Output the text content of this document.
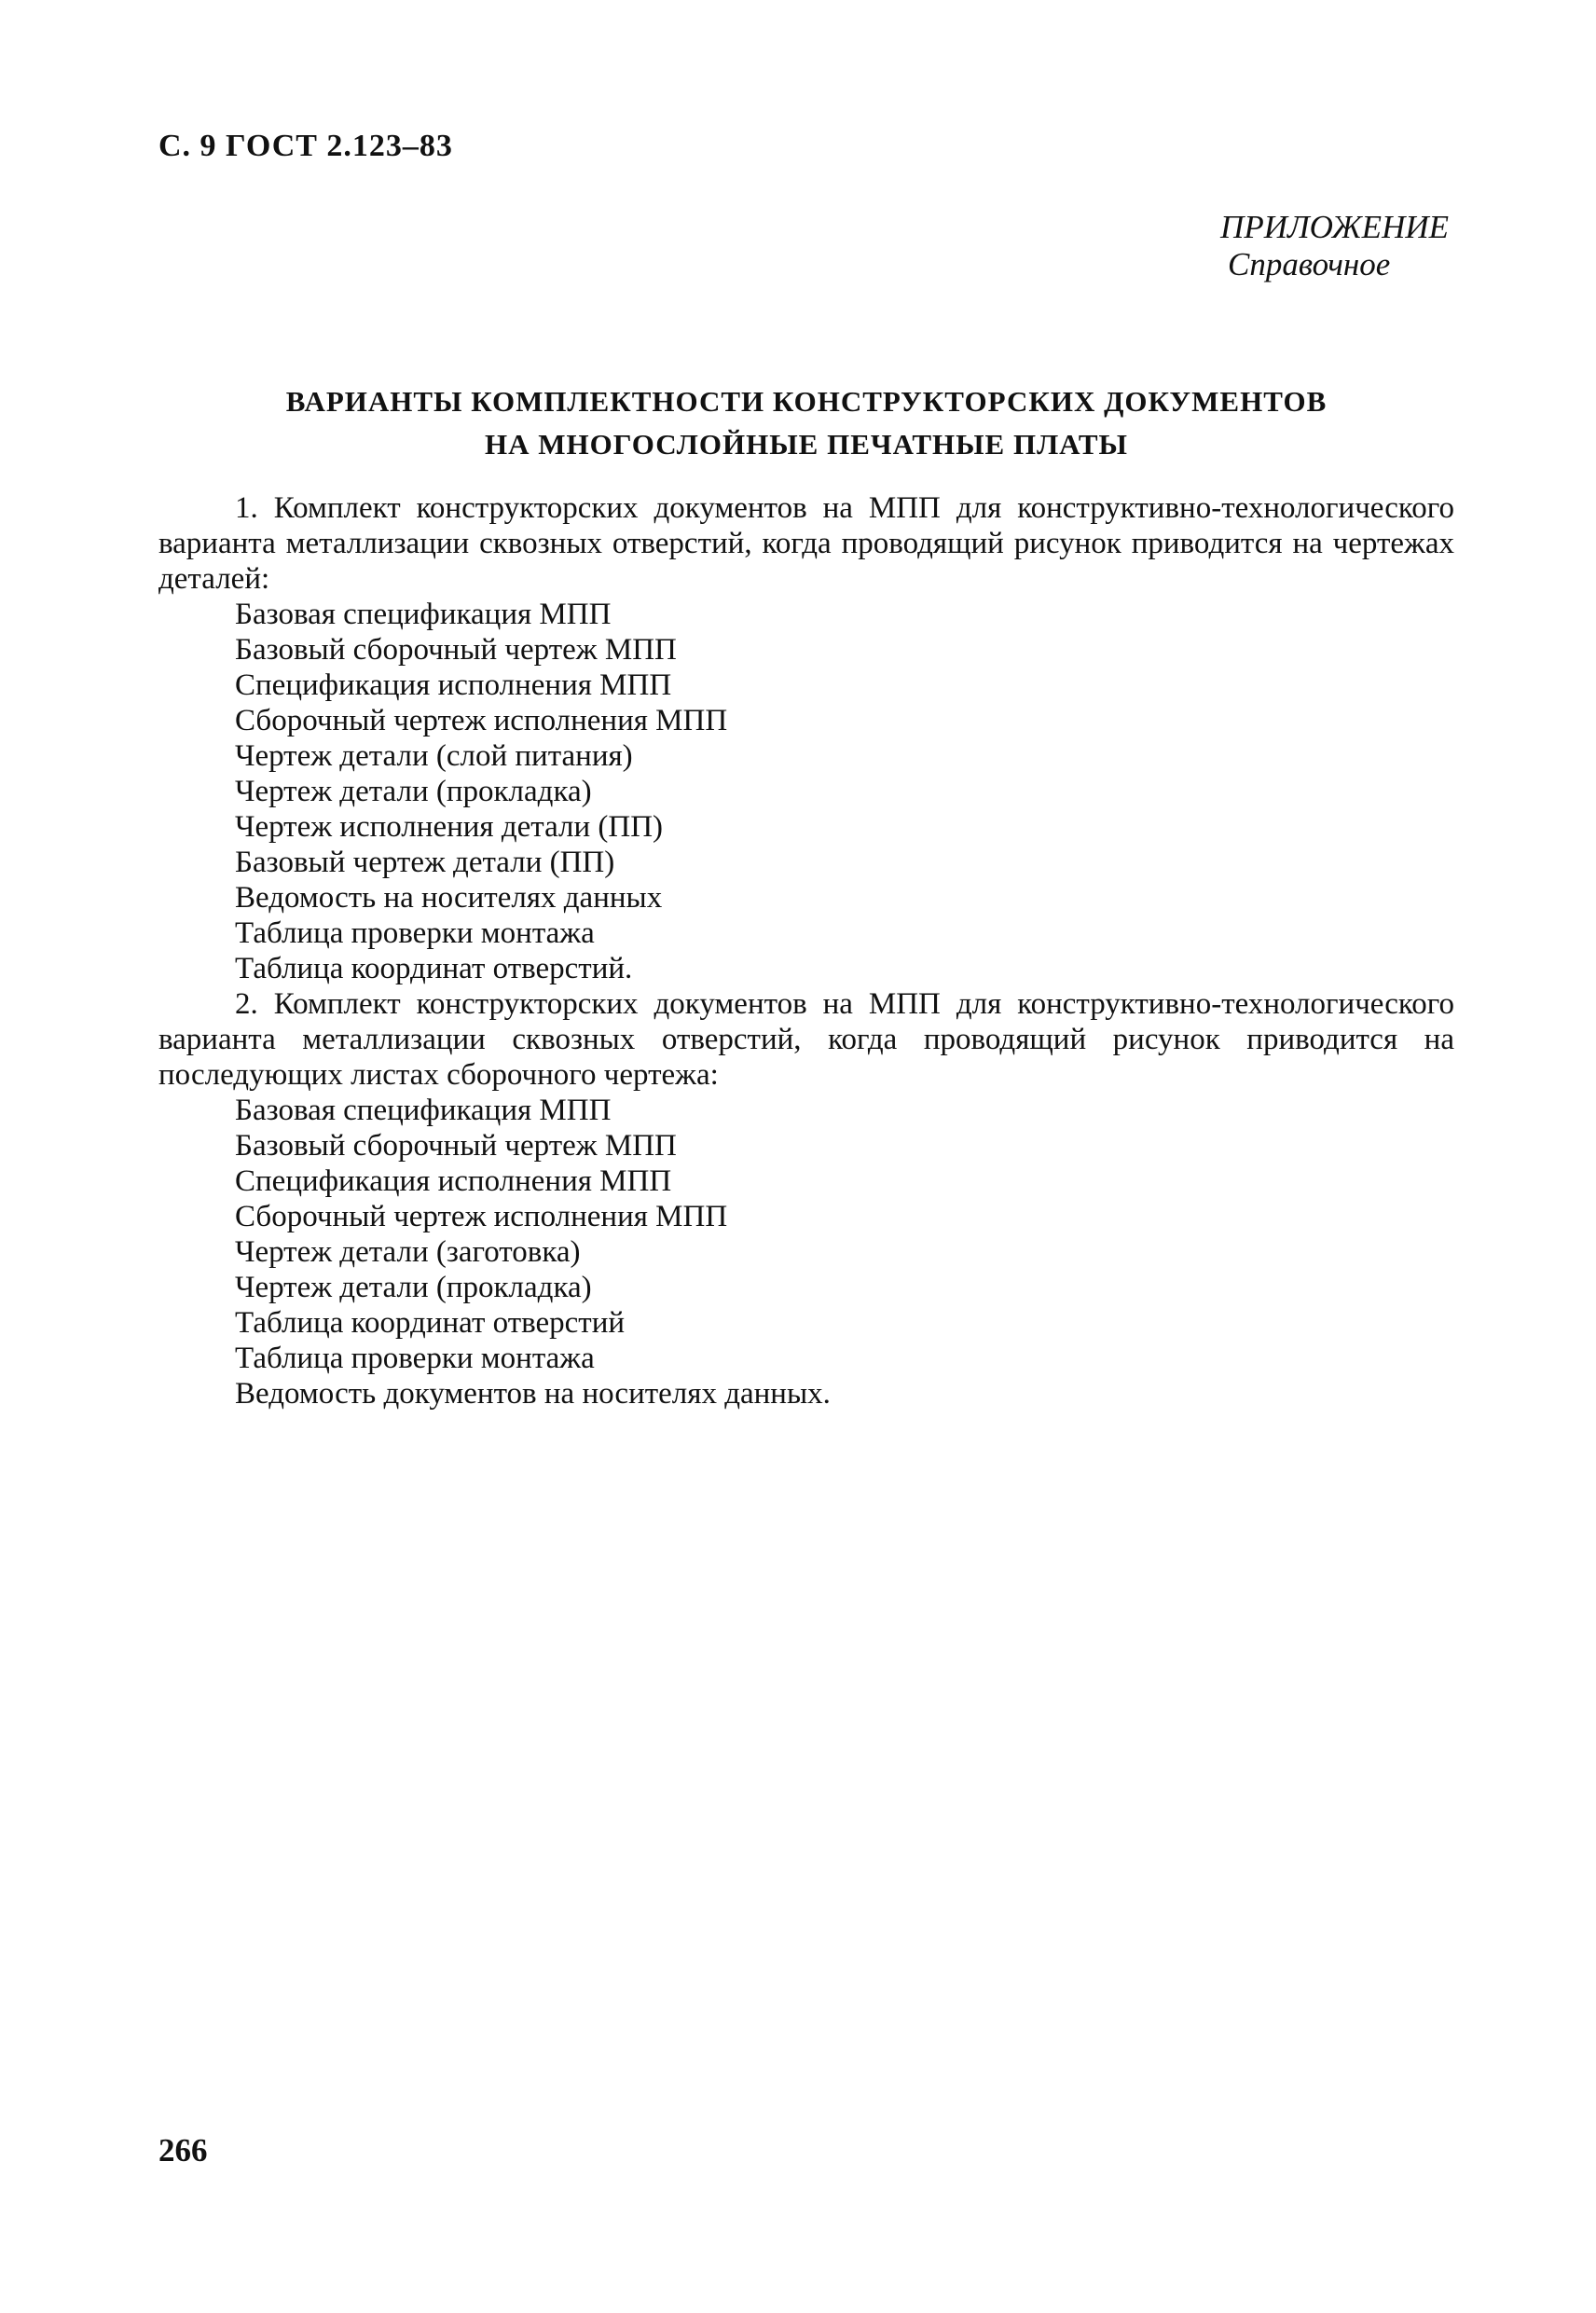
С. 9 ГОСТ 2.123–83
ПРИЛОЖЕНИЕ
Справочное
ВАРИАНТЫ КОМПЛЕКТНОСТИ КОНСТРУКТОРСКИХ ДОКУМЕНТОВ
НА МНОГОСЛОЙНЫЕ ПЕЧАТНЫЕ ПЛАТЫ

1. Комплект конструкторских документов на МПП для конструктивно-технологического варианта металлизации сквозных отверстий, когда проводящий рисунок приводится на чертежах деталей:

Базовая спецификация МПП
Базовый сборочный чертеж МПП
Спецификация исполнения МПП
Сборочный чертеж исполнения МПП
Чертеж детали (слой питания)
Чертеж детали (прокладка)
Чертеж исполнения детали (ПП)
Базовый чертеж детали (ПП)
Ведомость на носителях данных
Таблица проверки монтажа
Таблица координат отверстий.

2. Комплект конструкторских документов на МПП для конструктивно-технологического варианта металлизации сквозных отверстий, когда проводящий рисунок приводится на последующих листах сборочного чертежа:

Базовая спецификация МПП
Базовый сборочный чертеж МПП
Спецификация исполнения МПП
Сборочный чертеж исполнения МПП
Чертеж детали (заготовка)
Чертеж детали (прокладка)
Таблица координат отверстий
Таблица проверки монтажа
Ведомость документов на носителях данных.
266
